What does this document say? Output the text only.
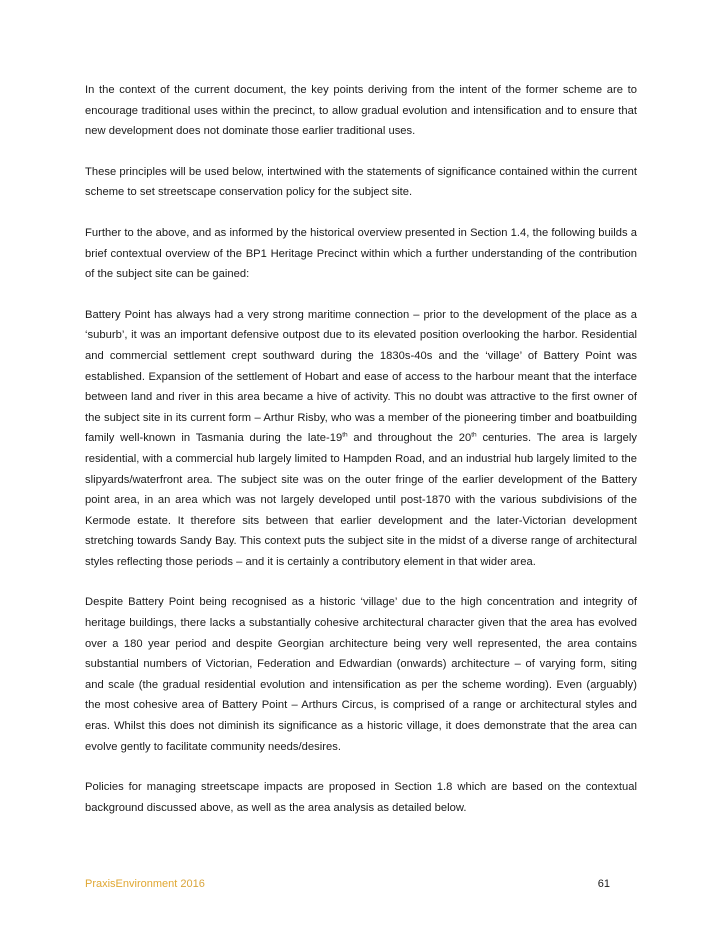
In the context of the current document, the key points deriving from the intent of the former scheme are to encourage traditional uses within the precinct, to allow gradual evolution and intensification and to ensure that new development does not dominate those earlier traditional uses.

These principles will be used below, intertwined with the statements of significance contained within the current scheme to set streetscape conservation policy for the subject site.

Further to the above, and as informed by the historical overview presented in Section 1.4, the following builds a brief contextual overview of the BP1 Heritage Precinct within which a further understanding of the contribution of the subject site can be gained:

Battery Point has always had a very strong maritime connection – prior to the development of the place as a ‘suburb’, it was an important defensive outpost due to its elevated position overlooking the harbor. Residential and commercial settlement crept southward during the 1830s-40s and the ‘village’ of Battery Point was established. Expansion of the settlement of Hobart and ease of access to the harbour meant that the interface between land and river in this area became a hive of activity. This no doubt was attractive to the first owner of the subject site in its current form – Arthur Risby, who was a member of the pioneering timber and boatbuilding family well-known in Tasmania during the late-19th and throughout the 20th centuries. The area is largely residential, with a commercial hub largely limited to Hampden Road, and an industrial hub largely limited to the slipyards/waterfront area. The subject site was on the outer fringe of the earlier development of the Battery point area, in an area which was not largely developed until post-1870 with the various subdivisions of the Kermode estate. It therefore sits between that earlier development and the later-Victorian development stretching towards Sandy Bay. This context puts the subject site in the midst of a diverse range of architectural styles reflecting those periods – and it is certainly a contributory element in that wider area.

Despite Battery Point being recognised as a historic ‘village’ due to the high concentration and integrity of heritage buildings, there lacks a substantially cohesive architectural character given that the area has evolved over a 180 year period and despite Georgian architecture being very well represented, the area contains substantial numbers of Victorian, Federation and Edwardian (onwards) architecture – of varying form, siting and scale (the gradual residential evolution and intensification as per the scheme wording). Even (arguably) the most cohesive area of Battery Point – Arthurs Circus, is comprised of a range or architectural styles and eras. Whilst this does not diminish its significance as a historic village, it does demonstrate that the area can evolve gently to facilitate community needs/desires.

Policies for managing streetscape impacts are proposed in Section 1.8 which are based on the contextual background discussed above, as well as the area analysis as detailed below.

PraxisEnvironment 2016	61
